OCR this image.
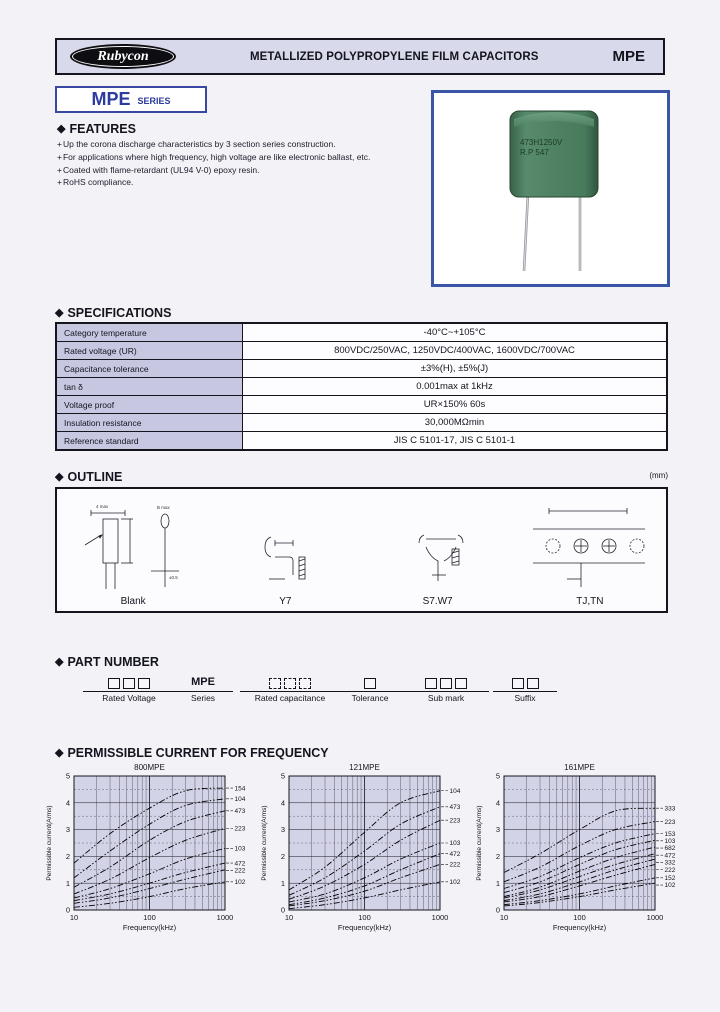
Rubycon	METALLIZED POLYPROPYLENE FILM CAPACITORS	MPE
MPE SERIES
◆ FEATURES
+Up the corona discharge characteristics by 3 section series construction.
+For applications where high frequency, high voltage are like electronic ballast, etc.
+Coated with flame-retardant (UL94 V-0) epoxy resin.
+RoHS compliance.
473H1250V
R.P 547
◆ SPECIFICATIONS
Category temperature	-40°C~+105°C
Rated voltage (UR)	800VDC/250VAC, 1250VDC/400VAC, 1600VDC/700VAC
Capacitance tolerance	±3%(H), ±5%(J)
tan δ	0.001max at 1kHz
Voltage proof	UR×150% 60s
Insulation resistance	30,000MΩmin
Reference standard	JIS C 5101-17, JIS C 5101-1
◆ OUTLINE	(mm)
4 max	B max
±0.5
Blank	Y7	S7.W7	TJ,TN
◆ PART NUMBER
Rated Voltage
MPE
Series	Rated capacitance	Tolerance	Sub mark	Suffix
◆ PERMISSIBLE CURRENT FOR FREQUENCY
154
104
473
223
103
472
222
102
0
1
2
3
4
5
10	100	1000
Frequency(kHz)
800MPE
Permissible current(Arms)
104
473
223
103
472
222
102
0
1
2
3
4
5
10	100	1000
Frequency(kHz)
121MPE
Permissible current(Arms)	333
223
153
103
682
472
332
222
152
102
0
1
2
3
4
5
10	100	1000
Frequency(kHz)
161MPE
Permissible current(Arms)
